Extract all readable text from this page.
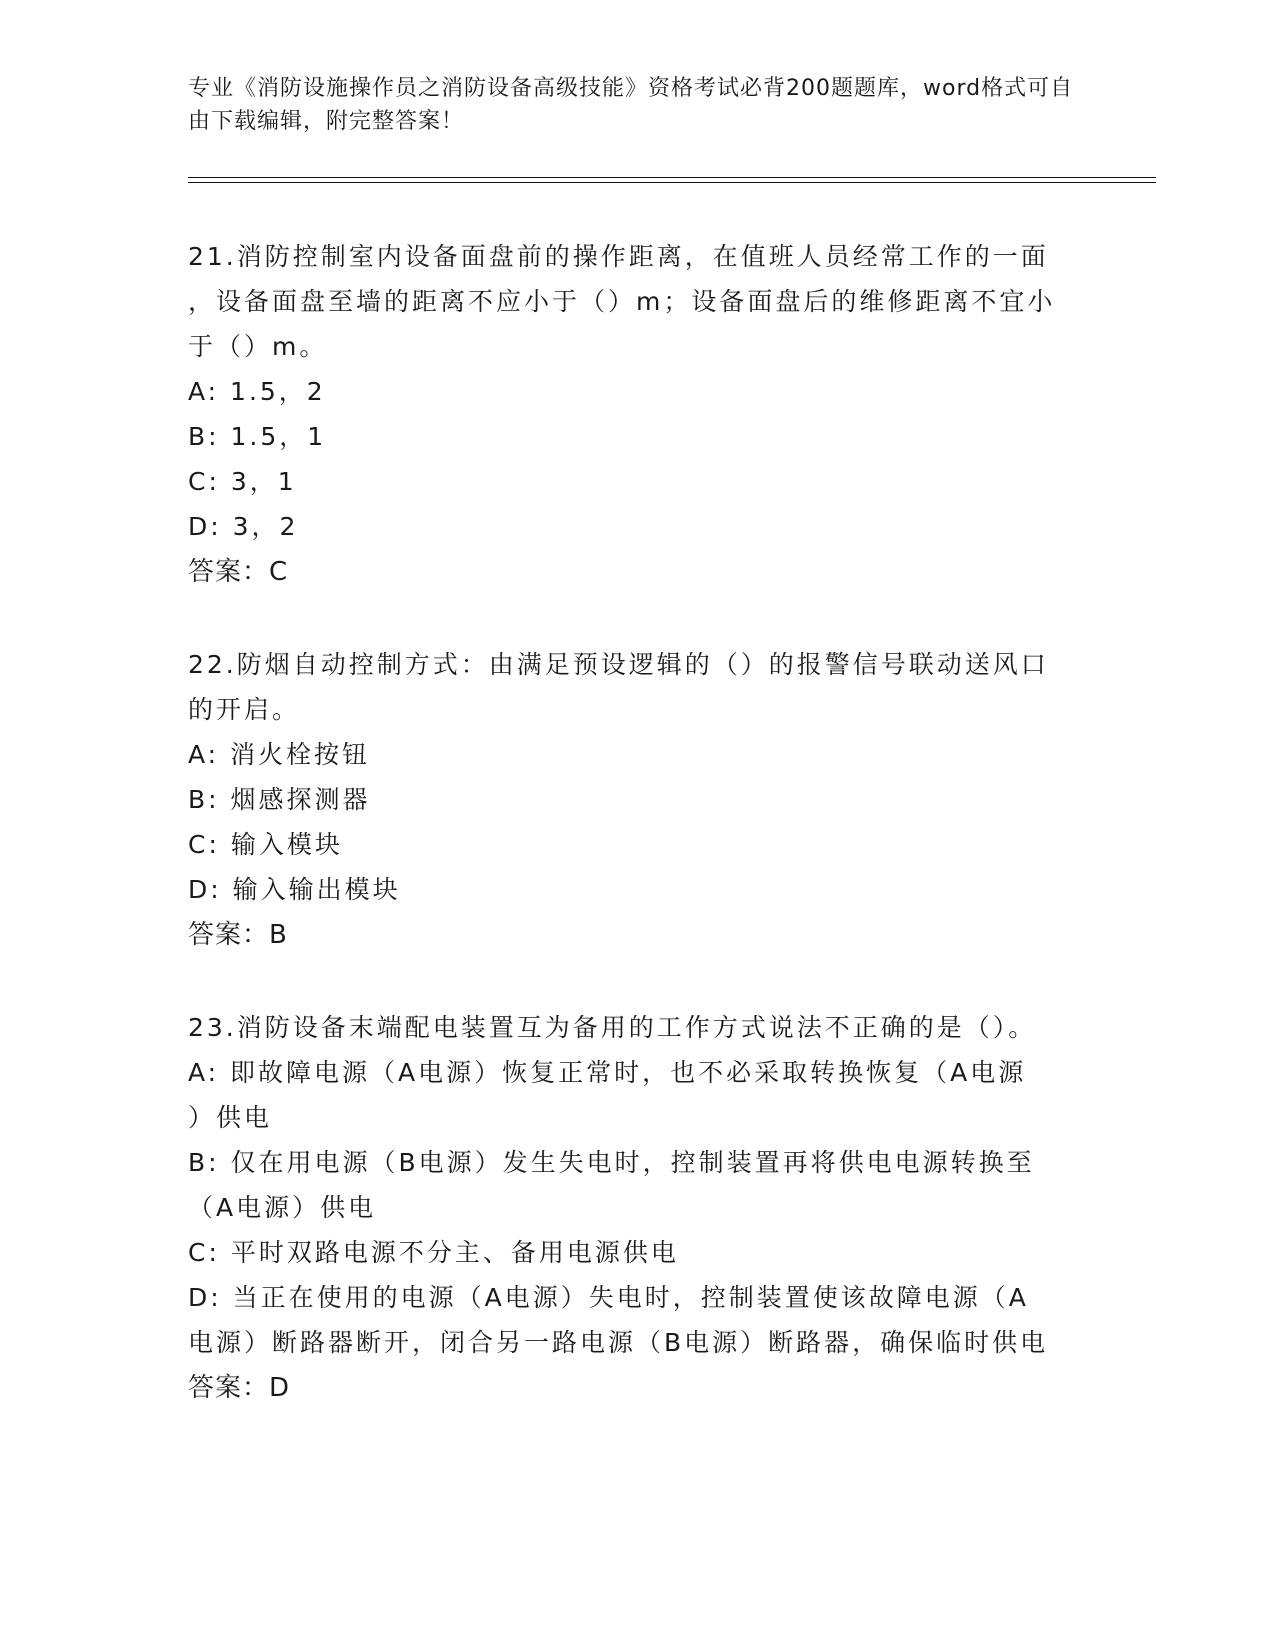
专业《消防设施操作员之消防设备高级技能》资格考试必背200题题库，word格式可自由下载编辑，附完整答案！
21.消防控制室内设备面盘前的操作距离，在值班人员经常工作的一面
，设备面盘至墙的距离不应小于（）m；设备面盘后的维修距离不宜小
于（）m。
A: 1.5，2
B: 1.5，1
C: 3，1
D: 3，2
答案：C
22.防烟自动控制方式：由满足预设逻辑的（）的报警信号联动送风口
的开启。
A: 消火栓按钮
B: 烟感探测器
C: 输入模块
D: 输入输出模块
答案：B
23.消防设备末端配电装置互为备用的工作方式说法不正确的是（）。
A: 即故障电源（A电源）恢复正常时，也不必采取转换恢复（A电源
）供电
B: 仅在用电源（B电源）发生失电时，控制装置再将供电电源转换至
（A电源）供电
C: 平时双路电源不分主、备用电源供电
D: 当正在使用的电源（A电源）失电时，控制装置使该故障电源（A
电源）断路器断开，闭合另一路电源（B电源）断路器，确保临时供电
答案：D
